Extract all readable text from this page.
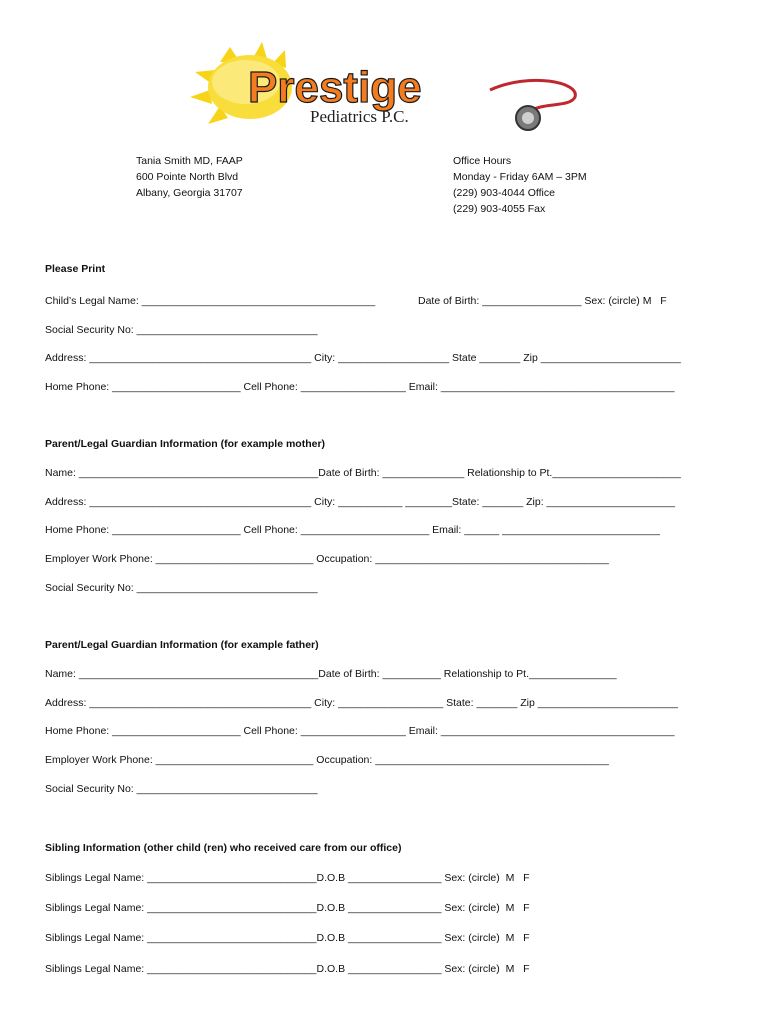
Prestige
Pediatrics P.C.
Tania Smith MD, FAAP
600 Pointe North Blvd
Albany, Georgia 31707
Office Hours
Monday - Friday 6AM – 3PM
(229) 903-4044 Office
(229) 903-4055 Fax
Please Print
Child’s Legal Name: ________________________________________	Date of Birth: _________________ Sex: (circle) M   F
Social Security No: _______________________________
Address: ______________________________________ City: ___________________ State _______ Zip ________________________
Home Phone: ______________________ Cell Phone: __________________ Email: ________________________________________
Parent/Legal Guardian Information (for example mother)
Name: _________________________________________Date of Birth: ______________ Relationship to Pt.______________________
Address: ______________________________________ City: ___________ ________State: _______ Zip: ______________________
Home Phone: ______________________ Cell Phone: ______________________ Email: ______ ___________________________
Employer Work Phone: ___________________________ Occupation: ________________________________________
Social Security No: _______________________________
Parent/Legal Guardian Information (for example father)
Name: _________________________________________Date of Birth: __________ Relationship to Pt._______________
Address: ______________________________________ City: __________________ State: _______ Zip ________________________
Home Phone: ______________________ Cell Phone: __________________ Email: ________________________________________
Employer Work Phone: ___________________________ Occupation: ________________________________________
Social Security No: _______________________________
Sibling Information (other child (ren) who received care from our office)
Siblings Legal Name: _____________________________D.O.B ________________ Sex: (circle)  M   F
Siblings Legal Name: _____________________________D.O.B ________________ Sex: (circle)  M   F
Siblings Legal Name: _____________________________D.O.B ________________ Sex: (circle)  M   F
Siblings Legal Name: _____________________________D.O.B ________________ Sex: (circle)  M   F
